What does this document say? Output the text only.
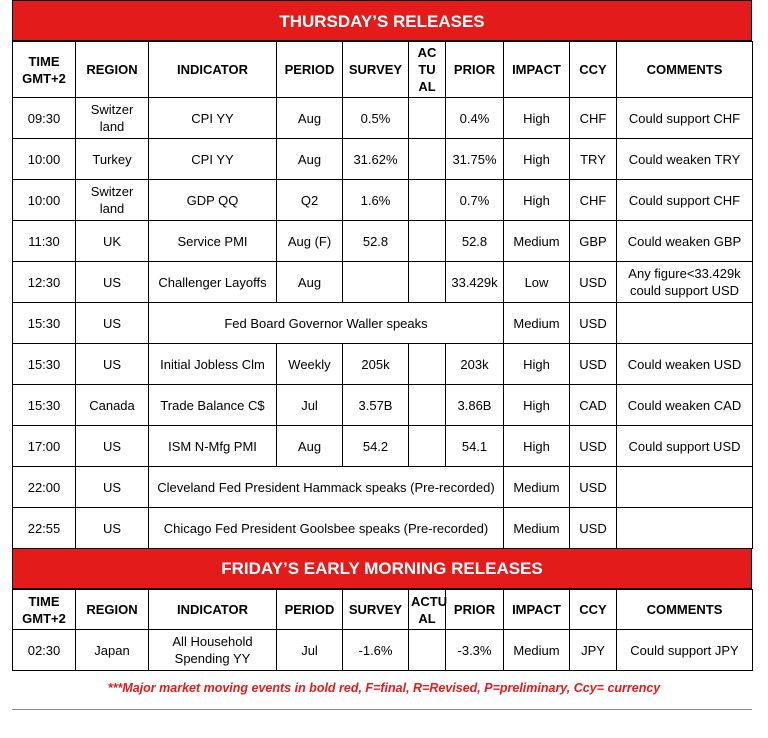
THURSDAY’S RELEASES
TIME GMT+2	REGION	INDICATOR	PERIOD	SURVEY	AC TU AL	PRIOR	IMPACT	CCY	COMMENTS
09:30	Switzer land	CPI YY	Aug	0.5%		0.4%	High	CHF	Could support CHF
10:00	Turkey	CPI YY	Aug	31.62%		31.75%	High	TRY	Could weaken TRY
10:00	Switzer land	GDP QQ	Q2	1.6%		0.7%	High	CHF	Could support CHF
11:30	UK	Service PMI	Aug (F)	52.8		52.8	Medium	GBP	Could weaken GBP
12:30	US	Challenger Layoffs	Aug			33.429k	Low	USD	Any figure<33.429k could support USD
15:30	US	Fed Board Governor Waller speaks					Medium	USD	
15:30	US	Initial Jobless Clm	Weekly	205k		203k	High	USD	Could weaken USD
15:30	Canada	Trade Balance C$	Jul	3.57B		3.86B	High	CAD	Could weaken CAD
17:00	US	ISM N-Mfg PMI	Aug	54.2		54.1	High	USD	Could support USD
22:00	US	Cleveland Fed President Hammack speaks (Pre-recorded)					Medium	USD	
22:55	US	Chicago Fed President Goolsbee speaks (Pre-recorded)					Medium	USD	
FRIDAY’S EARLY MORNING RELEASES
TIME GMT+2	REGION	INDICATOR	PERIOD	SURVEY	ACTU AL	PRIOR	IMPACT	CCY	COMMENTS
02:30	Japan	All Household Spending YY	Jul	-1.6%		-3.3%	Medium	JPY	Could support JPY
***Major market moving events in bold red, F=final, R=Revised, P=preliminary, Ccy= currency
